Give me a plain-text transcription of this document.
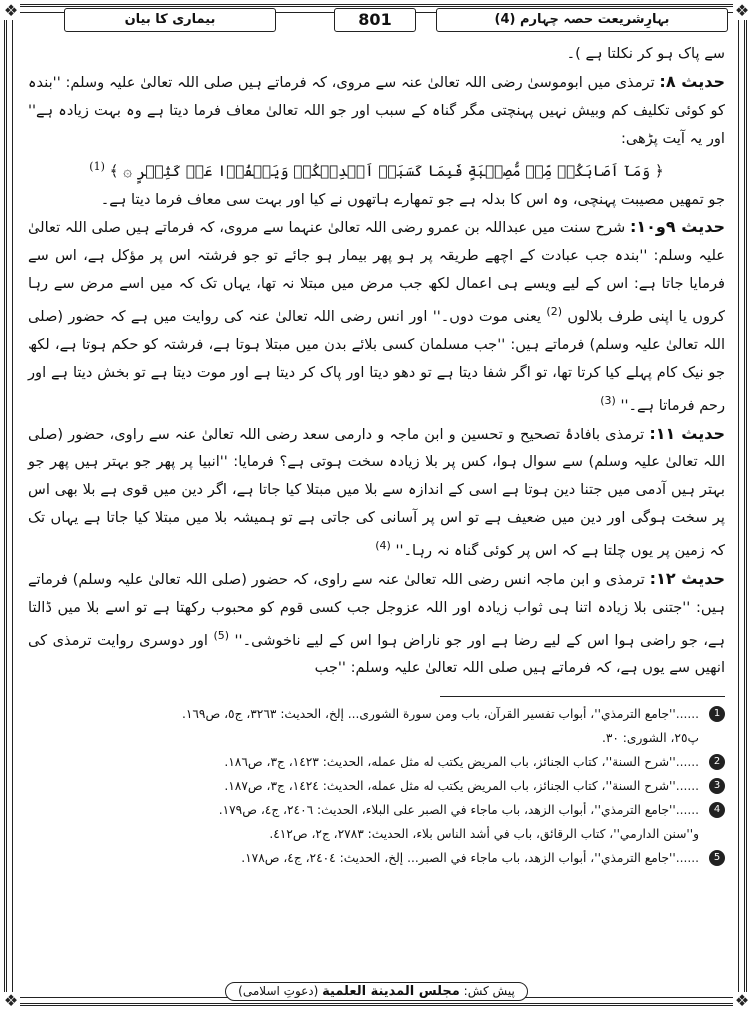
❖	❖
❖	❖
بہارِشریعت حصہ چہارم (4)
801
بیماری کا بیان

سے پاک ہو کر نکلتا ہے )۔

حدیث ۸: ترمذی میں ابوموسیٰ رضی اللہ تعالیٰ عنہ سے مروی، کہ فرماتے ہیں صلی اللہ تعالیٰ علیہ وسلم: ''بندہ کو کوئی تکلیف کم وبیش نہیں پہنچتی مگر گناہ کے سبب اور جو اللہ تعالیٰ معاف فرما دیتا ہے وہ بہت زیادہ ہے'' اور یہ آیت پڑھی:

﴿ وَمَآ اَصَابَكُمۡ مِّنۡ مُّصِيۡبَةٍ فَبِمَا كَسَبَتۡ اَيۡدِيۡكُمۡ وَيَعۡفُوۡا عَنۡ كَثِيۡرٍ ۞ ﴾ $^{(1)}$

جو تمھیں مصیبت پہنچی، وہ اس کا بدلہ ہے جو تمھارے ہاتھوں نے کیا اور بہت سی معاف فرما دیتا ہے۔

حدیث ۹و۱۰: شرح سنت میں عبداللہ بن عمرو رضی اللہ تعالیٰ عنہما سے مروی، کہ فرماتے ہیں صلی اللہ تعالیٰ علیہ وسلم: ''بندہ جب عبادت کے اچھے طریقہ پر ہو پھر بیمار ہو جائے تو جو فرشتہ اس پر مؤکل ہے، اس سے فرمایا جاتا ہے: اس کے لیے ویسے ہی اعمال لکھ جب مرض میں مبتلا نہ تھا، یہاں تک کہ میں اسے مرض سے رہا کروں یا اپنی طرف بلالوں $^{(2)}$ یعنی موت دوں۔'' اور انس رضی اللہ تعالیٰ عنہ کی روایت میں ہے کہ حضور (صلی اللہ تعالیٰ علیہ وسلم) فرماتے ہیں: ''جب مسلمان کسی بلائے بدن میں مبتلا ہوتا ہے، فرشتہ کو حکم ہوتا ہے، لکھ جو نیک کام پہلے کیا کرتا تھا، تو اگر شفا دیتا ہے تو دھو دیتا اور پاک کر دیتا ہے اور موت دیتا ہے تو بخش دیتا ہے اور رحم فرماتا ہے۔'' $^{(3)}$

حدیث ۱۱: ترمذی بافادۂ تصحیح و تحسین و ابن ماجہ و دارمی سعد رضی اللہ تعالیٰ عنہ سے راوی، حضور (صلی اللہ تعالیٰ علیہ وسلم) سے سوال ہوا، کس پر بلا زیادہ سخت ہوتی ہے؟ فرمایا: ''انبیا پر پھر جو بہتر ہیں پھر جو بہتر ہیں آدمی میں جتنا دین ہوتا ہے اسی کے اندازہ سے بلا میں مبتلا کیا جاتا ہے، اگر دین میں قوی ہے بلا بھی اس پر سخت ہوگی اور دین میں ضعیف ہے تو اس پر آسانی کی جاتی ہے تو ہمیشہ بلا میں مبتلا کیا جاتا ہے یہاں تک کہ زمین پر یوں چلتا ہے کہ اس پر کوئی گناہ نہ رہا۔'' $^{(4)}$

حدیث ۱۲: ترمذی و ابن ماجہ انس رضی اللہ تعالیٰ عنہ سے راوی، کہ حضور (صلی اللہ تعالیٰ علیہ وسلم) فرماتے ہیں: ''جتنی بلا زیادہ اتنا ہی ثواب زیادہ اور اللہ عزوجل جب کسی قوم کو محبوب رکھتا ہے تو اسے بلا میں ڈالتا ہے، جو راضی ہوا اس کے لیے رضا ہے اور جو ناراض ہوا اس کے لیے ناخوشی۔'' $^{(5)}$ اور دوسری روایت ترمذی کی انھیں سے یوں ہے، کہ فرماتے ہیں صلی اللہ تعالیٰ علیہ وسلم: ''جب

1
......''جامع الترمذي''، أبواب تفسير القرآن، باب ومن سورة الشورى... إلخ، الحديث: ٣٢٦٣، ج٥، ص١٦٩.
پ٢٥، الشورى: ٣٠.
2
......''شرح السنة''، كتاب الجنائز، باب المريض يكتب له مثل عمله، الحديث: ١٤٢٣، ج٣، ص١٨٦.
3
......''شرح السنة''، كتاب الجنائز، باب المريض يكتب له مثل عمله، الحديث: ١٤٢٤، ج٣، ص١٨٧.
4
......''جامع الترمذي''، أبواب الزهد، باب ماجاء في الصبر على البلاء، الحديث: ٢٤٠٦، ج٤، ص١٧٩.
و''سنن الدارمي''، كتاب الرقائق، باب في أشد الناس بلاء، الحديث: ٢٧٨٣، ج٢، ص٤١٢.
5
......''جامع الترمذي''، أبواب الزهد، باب ماجاء في الصبر... إلخ، الحديث: ٢٤٠٤، ج٤، ص١٧٨.
پیش کش: مجلس المدينة العلمية (دعوتِ اسلامی)
